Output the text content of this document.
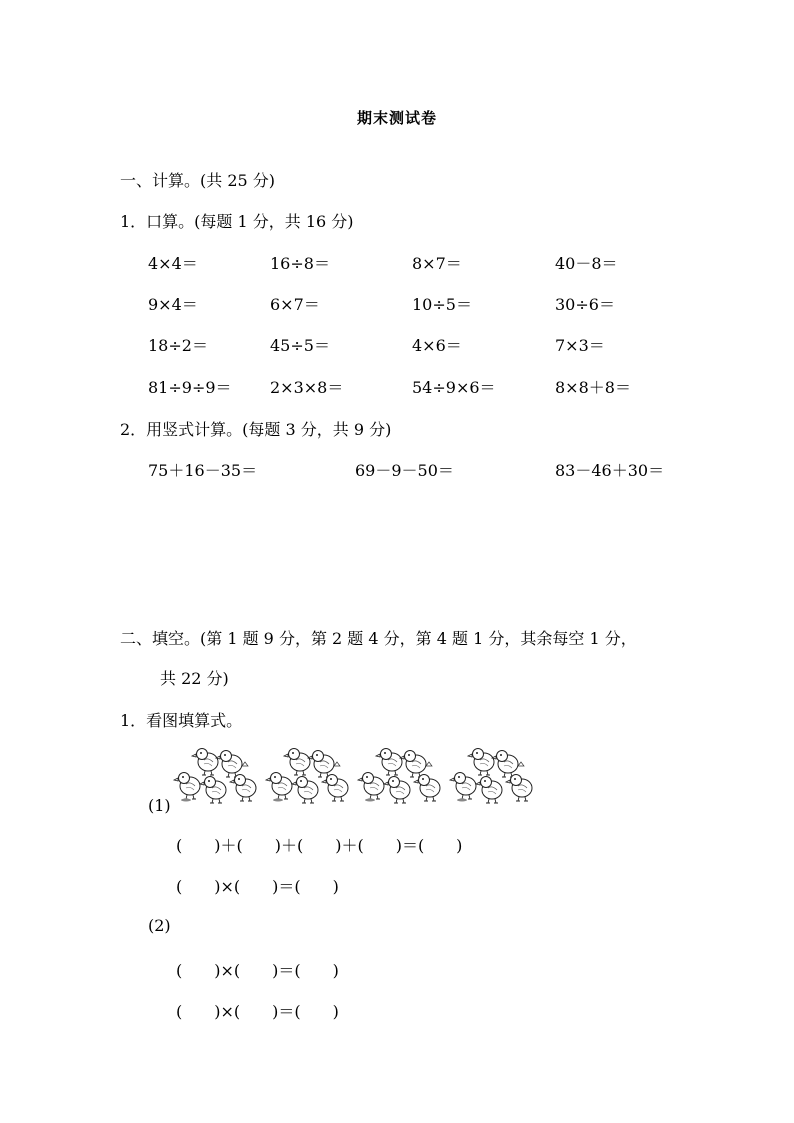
期末测试卷
一、计算。(共 25 分)
1．口算。(每题 1 分，共 16 分)
4×4＝	16÷8＝	8×7＝	40－8＝
9×4＝	6×7＝	10÷5＝	30÷6＝
18÷2＝	45÷5＝	4×6＝	7×3＝
81÷9÷9＝ 2×3×8＝	54÷9×6＝	8×8＋8＝
2．用竖式计算。(每题 3 分，共 9 分)
75＋16－35＝	69－9－50＝	83－46＋30＝
二、填空。(第 1 题 9 分，第 2 题 4 分，第 4 题 1 分，其余每空 1 分，
共 22 分)
1．看图填算式。
(1)
(　　)＋(　　)＋(　　)＋(　　)＝(　　)
(　　)×(　　)＝(　　)
(2)
(　　)×(　　)＝(　　)
(　　)×(　　)＝(　　)
